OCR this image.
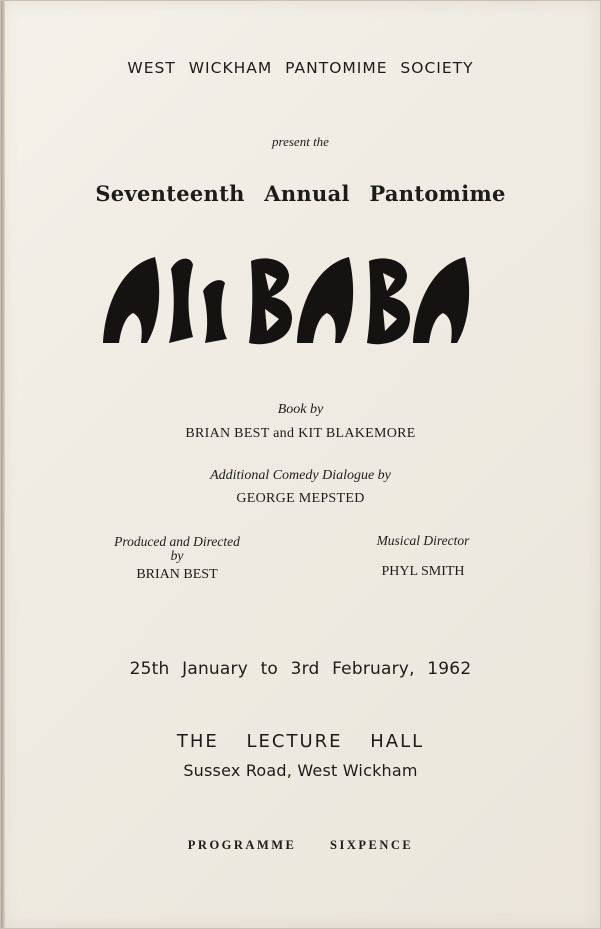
WEST WICKHAM PANTOMIME SOCIETY
present the
Seventeenth Annual Pantomime
Book by
BRIAN BEST and KIT BLAKEMORE
Additional Comedy Dialogue by
GEORGE MEPSTED
Produced and Directed
by
BRIAN BEST
Musical Director
PHYL SMITH
25th January to 3rd February, 1962
THE LECTURE HALL
Sussex Road, West Wickham
PROGRAMME SIXPENCE
